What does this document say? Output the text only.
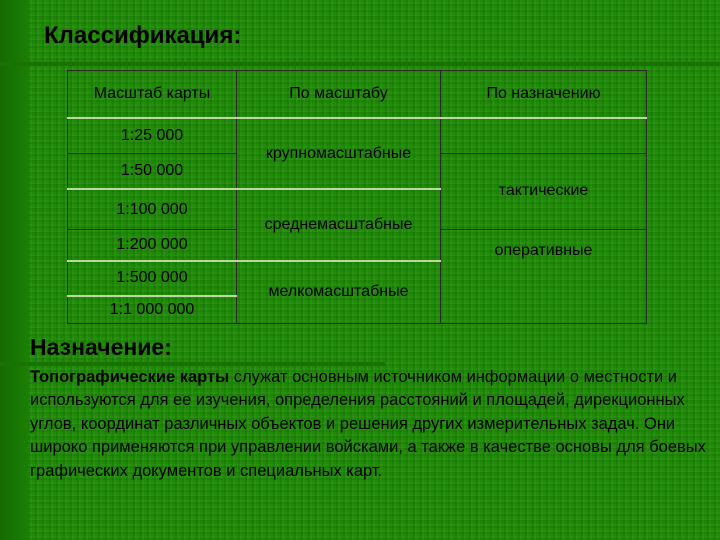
Классификация:
Масштаб карты	По масштабу	По назначению
1:25 000	крупномасштабные	
1:50 000		тактические
1:100 000	среднемасштабные	
1:200 000		оперативные
1:500 000	мелкомасштабные	
1:1 000 000		
Назначение:
Топографические карты служат основным источником информации о местности и используются для ее изучения, определения расстояний и площадей, дирекционных углов, координат различных объектов и решения других измерительных задач. Они широко применяются при управлении войсками, а также в качестве основы для боевых графических документов и специальных карт.
